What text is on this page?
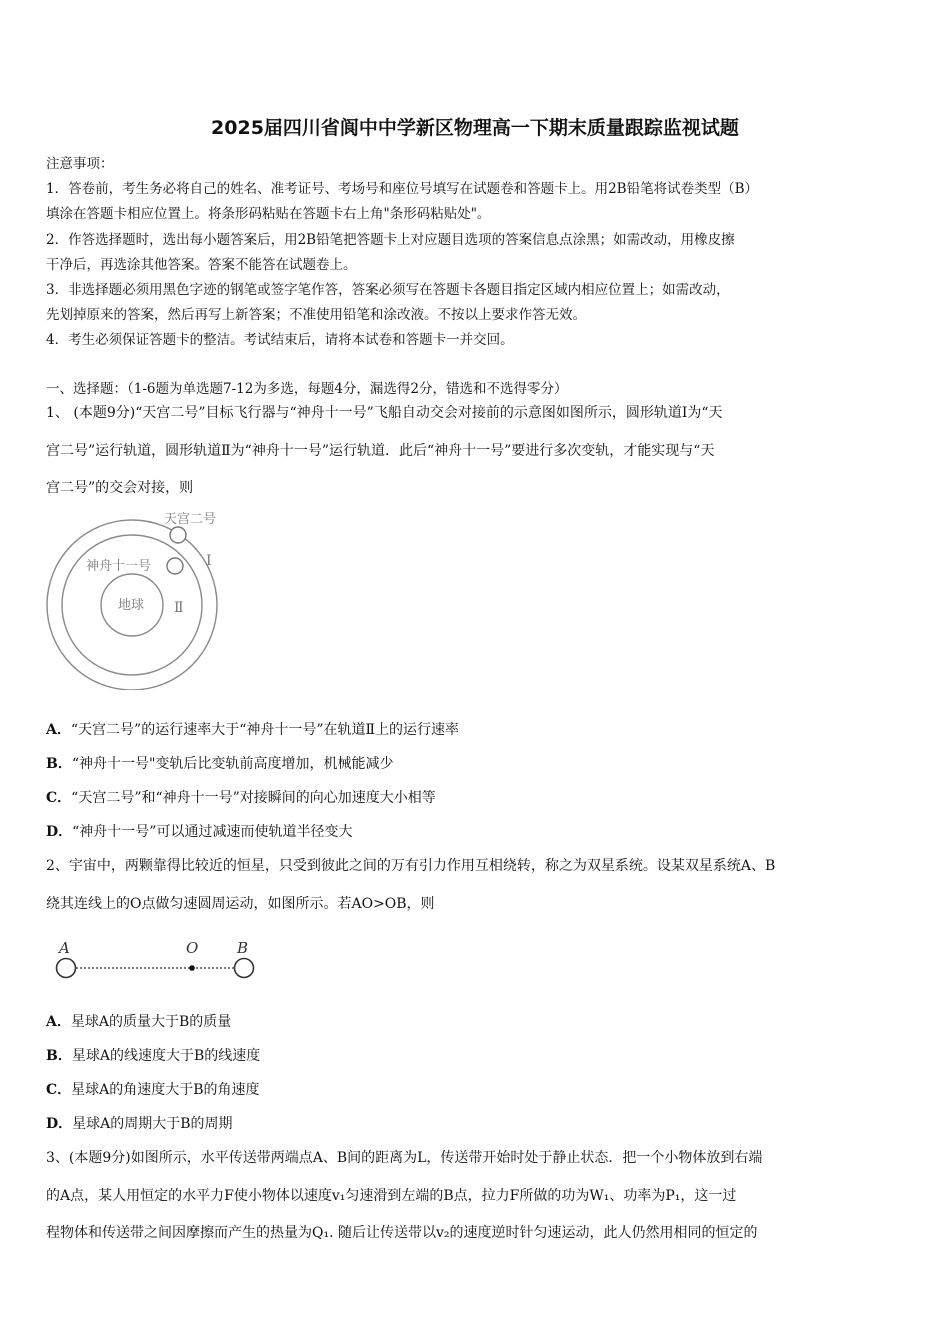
2025届四川省阆中中学新区物理高一下期末质量跟踪监视试题
注意事项：
1．答卷前，考生务必将自己的姓名、准考证号、考场号和座位号填写在试题卷和答题卡上。用2B铅笔将试卷类型（B）
填涂在答题卡相应位置上。将条形码粘贴在答题卡右上角"条形码粘贴处"。
2．作答选择题时，选出每小题答案后，用2B铅笔把答题卡上对应题目选项的答案信息点涂黑；如需改动，用橡皮擦
干净后，再选涂其他答案。答案不能答在试题卷上。
3．非选择题必须用黑色字迹的钢笔或签字笔作答，答案必须写在答题卡各题目指定区域内相应位置上；如需改动，
先划掉原来的答案，然后再写上新答案；不准使用铅笔和涂改液。不按以上要求作答无效。
4．考生必须保证答题卡的整洁。考试结束后，请将本试卷和答题卡一并交回。
一、选择题：（1-6题为单选题7-12为多选，每题4分，漏选得2分，错选和不选得零分）
1、 (本题9分)“天宫二号”目标飞行器与“神舟十一号”飞船自动交会对接前的示意图如图所示，圆形轨道Ⅰ为“天
宫二号”运行轨道，圆形轨道Ⅱ为“神舟十一号”运行轨道．此后“神舟十一号”要进行多次变轨，才能实现与“天
宫二号”的交会对接，则
天宫二号
神舟十一号
地球
I
Ⅱ
A．“天宫二号”的运行速率大于“神舟十一号”在轨道Ⅱ上的运行速率
B．“神舟十一号"变轨后比变轨前高度增加，机械能减少
C．“天宫二号”和“神舟十一号”对接瞬间的向心加速度大小相等
D．“神舟十一号”可以通过减速而使轨道半径变大
2、宇宙中，两颗靠得比较近的恒星，只受到彼此之间的万有引力作用互相绕转，称之为双星系统。设某双星系统A、B
绕其连线上的O点做匀速圆周运动，如图所示。若AO>OB，则
A	O	B
A．星球A的质量大于B的质量
B．星球A的线速度大于B的线速度
C．星球A的角速度大于B的角速度
D．星球A的周期大于B的周期
3、(本题9分)如图所示，水平传送带两端点A、B间的距离为L，传送带开始时处于静止状态．把一个小物体放到右端
的A点，某人用恒定的水平力F使小物体以速度v₁匀速滑到左端的B点，拉力F所做的功为W₁、功率为P₁，这一过
程物体和传送带之间因摩擦而产生的热量为Q₁. 随后让传送带以v₂的速度逆时针匀速运动，此人仍然用相同的恒定的
